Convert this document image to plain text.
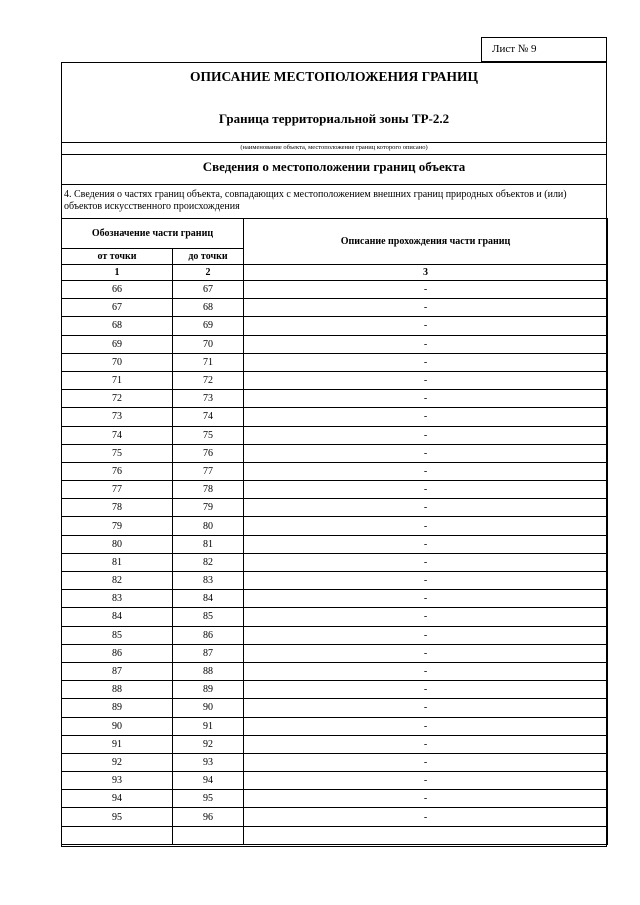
Лист № 9
ОПИСАНИЕ МЕСТОПОЛОЖЕНИЯ ГРАНИЦ
Граница территориальной зоны ТР-2.2
(наименование объекта, местоположение границ которого описано)
Сведения о местоположении границ объекта
4. Сведения о частях границ объекта, совпадающих с местоположением внешних границ природных объектов и (или) объектов искусственного происхождения
Обозначение части границ		Описание прохождения части границ
от точки	до точки	
1	2	3
66	67	-
67	68	-
68	69	-
69	70	-
70	71	-
71	72	-
72	73	-
73	74	-
74	75	-
75	76	-
76	77	-
77	78	-
78	79	-
79	80	-
80	81	-
81	82	-
82	83	-
83	84	-
84	85	-
85	86	-
86	87	-
87	88	-
88	89	-
89	90	-
90	91	-
91	92	-
92	93	-
93	94	-
94	95	-
95	96	-
